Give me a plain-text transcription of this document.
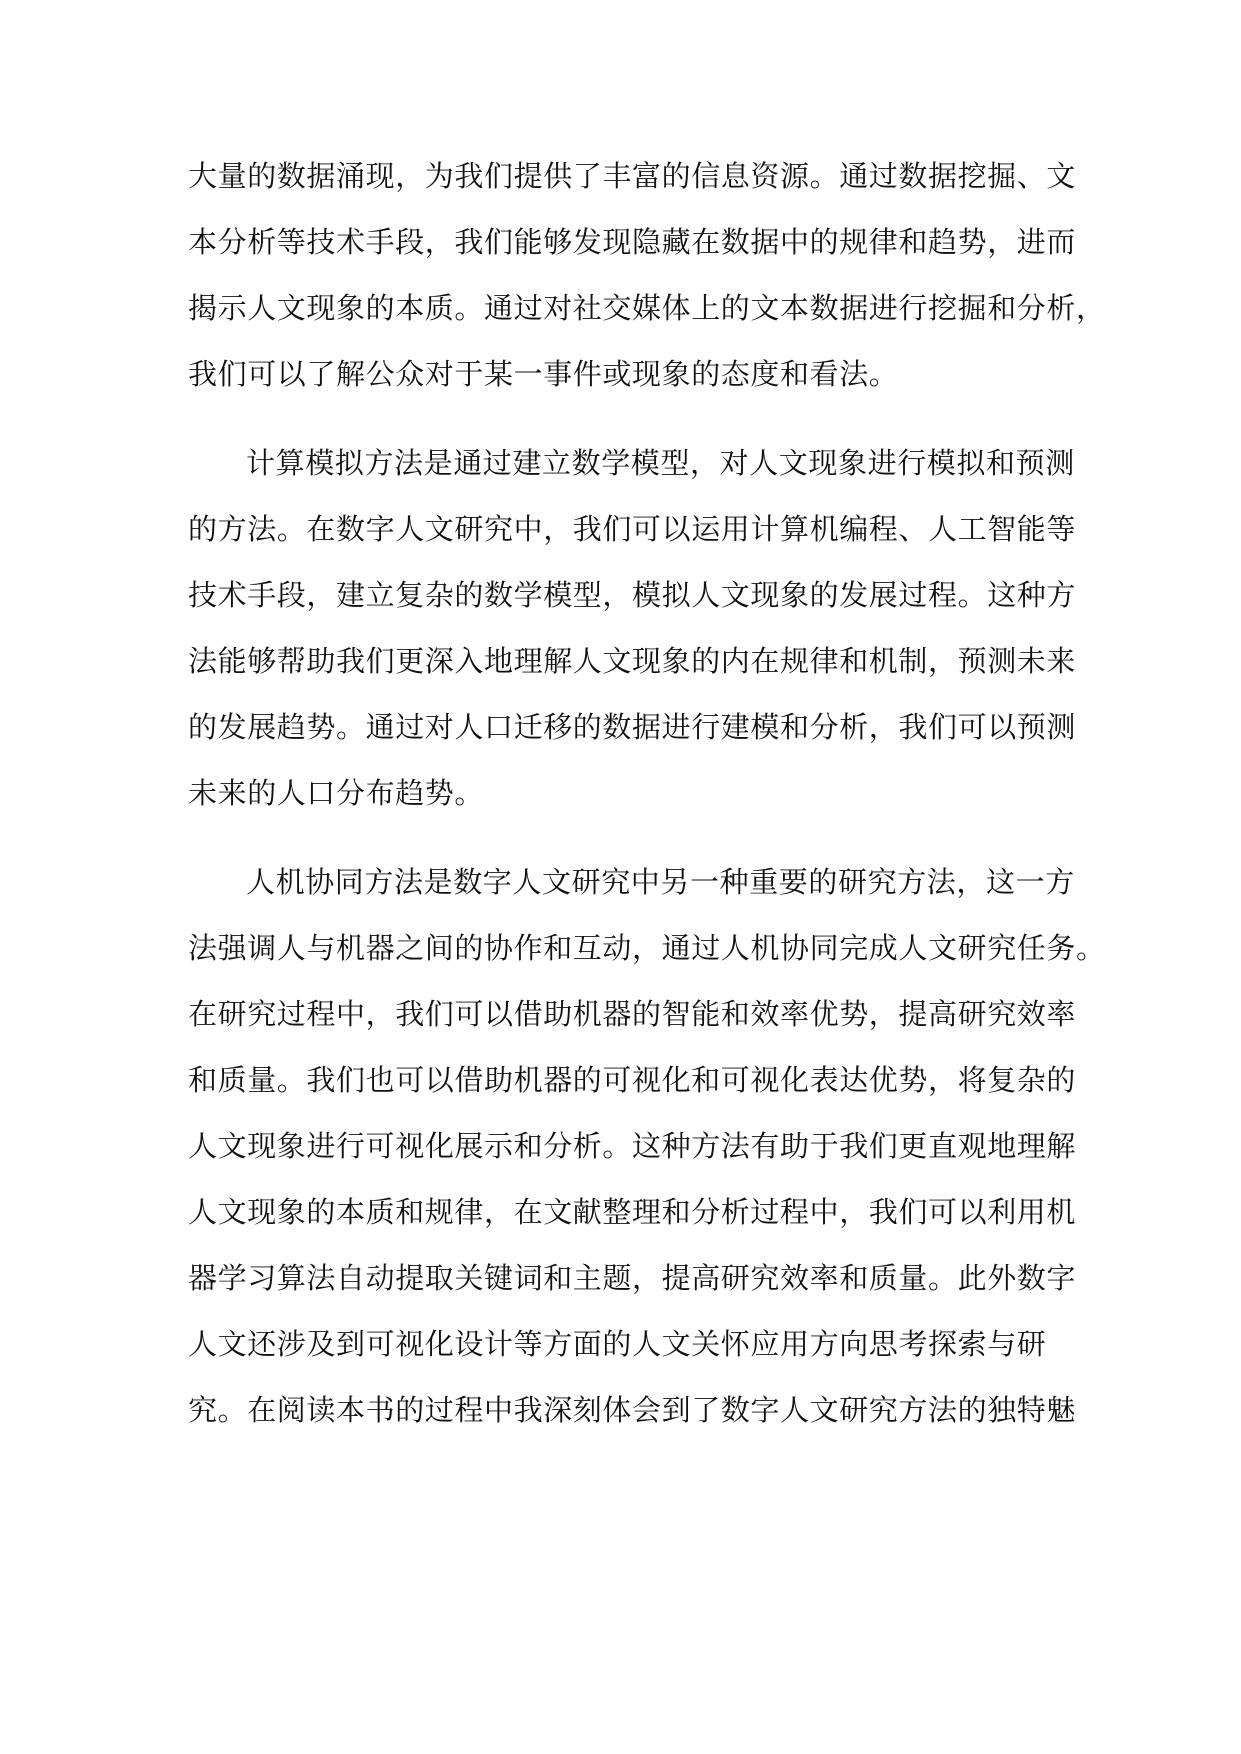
大量的数据涌现，为我们提供了丰富的信息资源。通过数据挖掘、文
本分析等技术手段，我们能够发现隐藏在数据中的规律和趋势，进而
揭示人文现象的本质。通过对社交媒体上的文本数据进行挖掘和分析，
我们可以了解公众对于某一事件或现象的态度和看法。
计算模拟方法是通过建立数学模型，对人文现象进行模拟和预测
的方法。在数字人文研究中，我们可以运用计算机编程、人工智能等
技术手段，建立复杂的数学模型，模拟人文现象的发展过程。这种方
法能够帮助我们更深入地理解人文现象的内在规律和机制，预测未来
的发展趋势。通过对人口迁移的数据进行建模和分析，我们可以预测
未来的人口分布趋势。
人机协同方法是数字人文研究中另一种重要的研究方法，这一方
法强调人与机器之间的协作和互动，通过人机协同完成人文研究任务。
在研究过程中，我们可以借助机器的智能和效率优势，提高研究效率
和质量。我们也可以借助机器的可视化和可视化表达优势，将复杂的
人文现象进行可视化展示和分析。这种方法有助于我们更直观地理解
人文现象的本质和规律，在文献整理和分析过程中，我们可以利用机
器学习算法自动提取关键词和主题，提高研究效率和质量。此外数字
人文还涉及到可视化设计等方面的人文关怀应用方向思考探索与研
究。在阅读本书的过程中我深刻体会到了数字人文研究方法的独特魅
